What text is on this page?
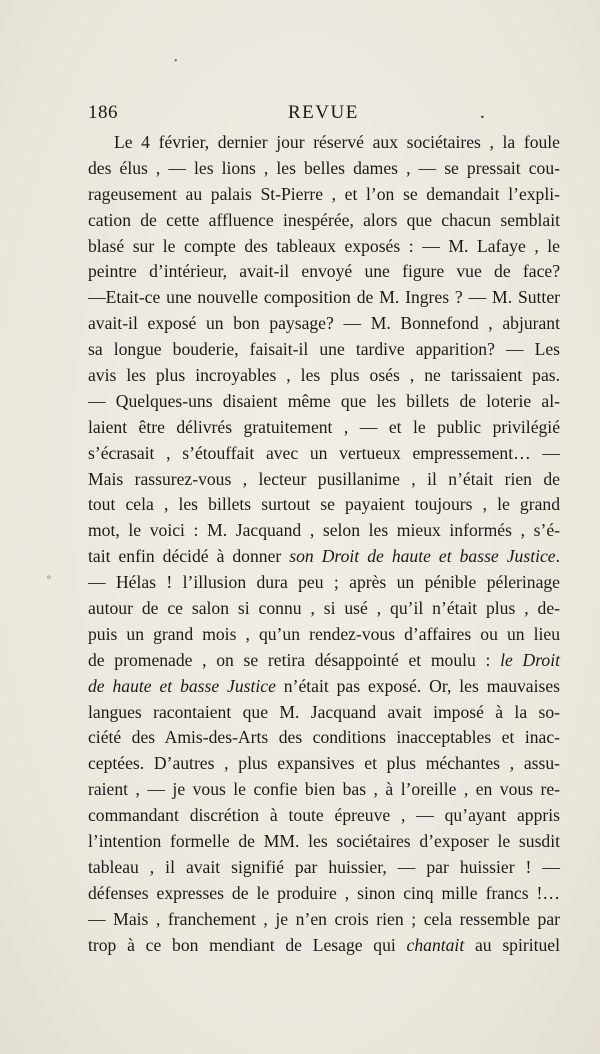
•
∘
186	REVUE	.
Le 4 février, dernier jour réservé aux sociétaires , la foule
des élus , — les lions , les belles dames , — se pressait cou-
rageusement au palais St-Pierre , et l’on se demandait l’expli-
cation de cette affluence inespérée, alors que chacun semblait
blasé sur le compte des tableaux exposés : — M. Lafaye , le
peintre d’intérieur, avait-il envoyé une figure vue de face?
—Etait-ce une nouvelle composition de M. Ingres ? — M. Sutter
avait-il exposé un bon paysage? — M. Bonnefond , abjurant
sa longue bouderie, faisait-il une tardive apparition? — Les
avis les plus incroyables , les plus osés , ne tarissaient pas.
— Quelques-uns disaient même que les billets de loterie al-
laient être délivrés gratuitement , — et le public privilégié
s’écrasait , s’étouffait avec un vertueux empressement… —
Mais rassurez-vous , lecteur pusillanime , il n’était rien de
tout cela , les billets surtout se payaient toujours , le grand
mot, le voici : M. Jacquand , selon les mieux informés , s’é-
tait enfin décidé à donner son Droit de haute et basse Justice.
— Hélas ! l’illusion dura peu ; après un pénible pélerinage
autour de ce salon si connu , si usé , qu’il n’était plus , de-
puis un grand mois , qu’un rendez-vous d’affaires ou un lieu
de promenade , on se retira désappointé et moulu : le Droit
de haute et basse Justice n’était pas exposé. Or, les mauvaises
langues racontaient que M. Jacquand avait imposé à la so-
ciété des Amis-des-Arts des conditions inacceptables et inac-
ceptées. D’autres , plus expansives et plus méchantes , assu-
raient , — je vous le confie bien bas , à l’oreille , en vous re-
commandant discrétion à toute épreuve , — qu’ayant appris
l’intention formelle de MM. les sociétaires d’exposer le susdit
tableau , il avait signifié par huissier, — par huissier ! —
défenses expresses de le produire , sinon cinq mille francs !…
— Mais , franchement , je n’en crois rien ; cela ressemble par
trop à ce bon mendiant de Lesage qui chantait au spirituel
